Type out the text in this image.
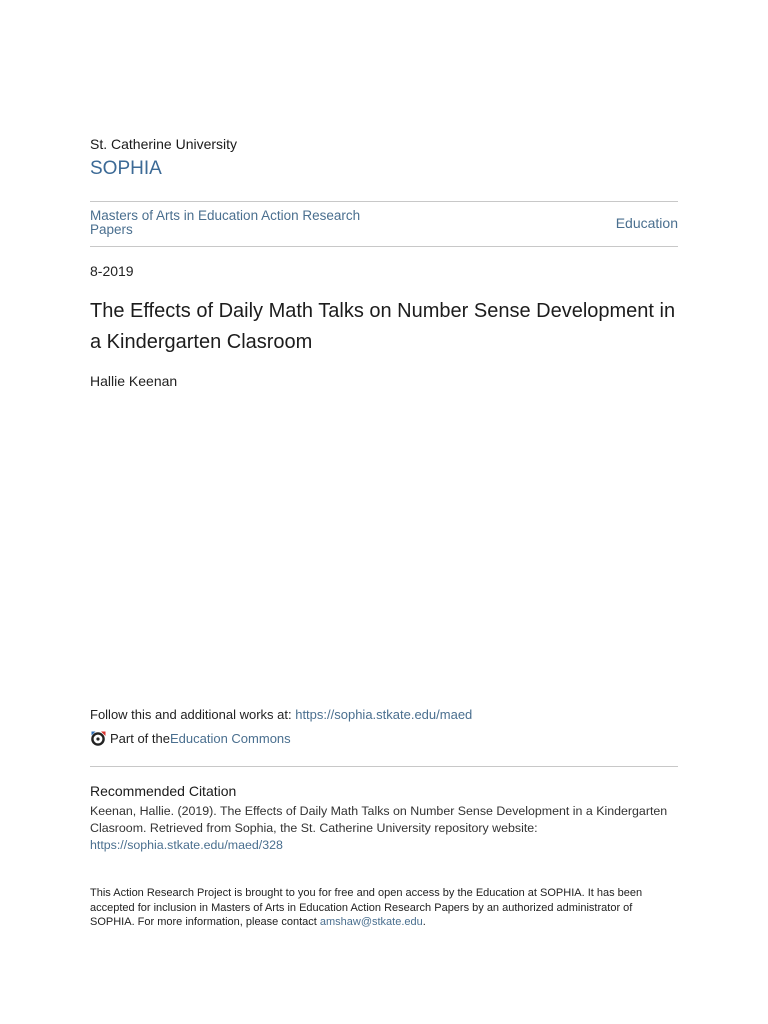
St. Catherine University
SOPHIA
Masters of Arts in Education Action Research Papers	Education
8-2019
The Effects of Daily Math Talks on Number Sense Development in a Kindergarten Clasroom
Hallie Keenan
Follow this and additional works at: https://sophia.stkate.edu/maed
Part of the Education Commons
Recommended Citation
Keenan, Hallie. (2019). The Effects of Daily Math Talks on Number Sense Development in a Kindergarten Clasroom. Retrieved from Sophia, the St. Catherine University repository website:
https://sophia.stkate.edu/maed/328
This Action Research Project is brought to you for free and open access by the Education at SOPHIA. It has been accepted for inclusion in Masters of Arts in Education Action Research Papers by an authorized administrator of SOPHIA. For more information, please contact amshaw@stkate.edu.
